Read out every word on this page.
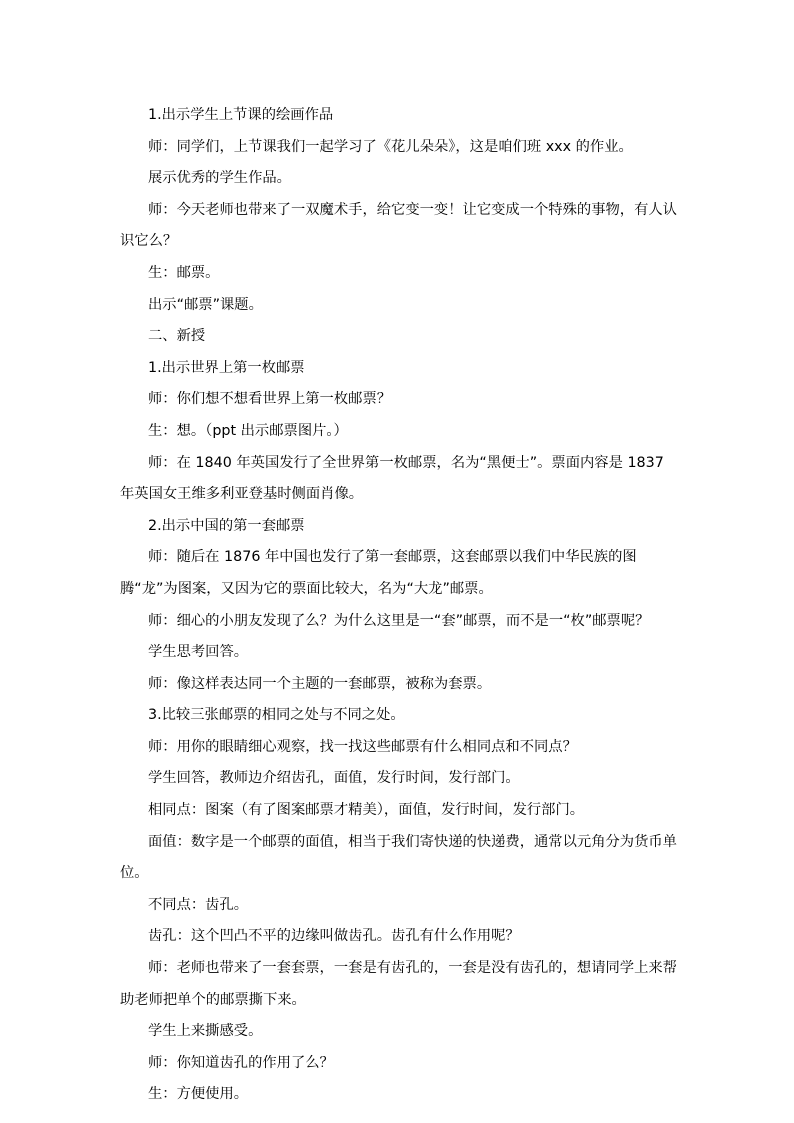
1.出示学生上节课的绘画作品

师：同学们，上节课我们一起学习了《花儿朵朵》，这是咱们班 xxx 的作业。

展示优秀的学生作品。

师：今天老师也带来了一双魔术手，给它变一变！让它变成一个特殊的事物，有人认识它么？

生：邮票。

出示“邮票”课题。

二、新授

1.出示世界上第一枚邮票

师：你们想不想看世界上第一枚邮票？

生：想。（ppt 出示邮票图片。）

师：在 1840 年英国发行了全世界第一枚邮票，名为“黑便士”。票面内容是 1837 年英国女王维多利亚登基时侧面肖像。

2.出示中国的第一套邮票

师：随后在 1876 年中国也发行了第一套邮票，这套邮票以我们中华民族的图腾“龙”为图案，又因为它的票面比较大，名为“大龙”邮票。

师：细心的小朋友发现了么？为什么这里是一“套”邮票，而不是一“枚”邮票呢？

学生思考回答。

师：像这样表达同一个主题的一套邮票，被称为套票。

3.比较三张邮票的相同之处与不同之处。

师：用你的眼睛细心观察，找一找这些邮票有什么相同点和不同点？

学生回答，教师边介绍齿孔，面值，发行时间，发行部门。

相同点：图案（有了图案邮票才精美），面值，发行时间，发行部门。

面值：数字是一个邮票的面值，相当于我们寄快递的快递费，通常以元角分为货币单位。

不同点：齿孔。

齿孔：这个凹凸不平的边缘叫做齿孔。齿孔有什么作用呢？

师：老师也带来了一套套票，一套是有齿孔的，一套是没有齿孔的，想请同学上来帮助老师把单个的邮票撕下来。

学生上来撕感受。

师：你知道齿孔的作用了么？

生：方便使用。
